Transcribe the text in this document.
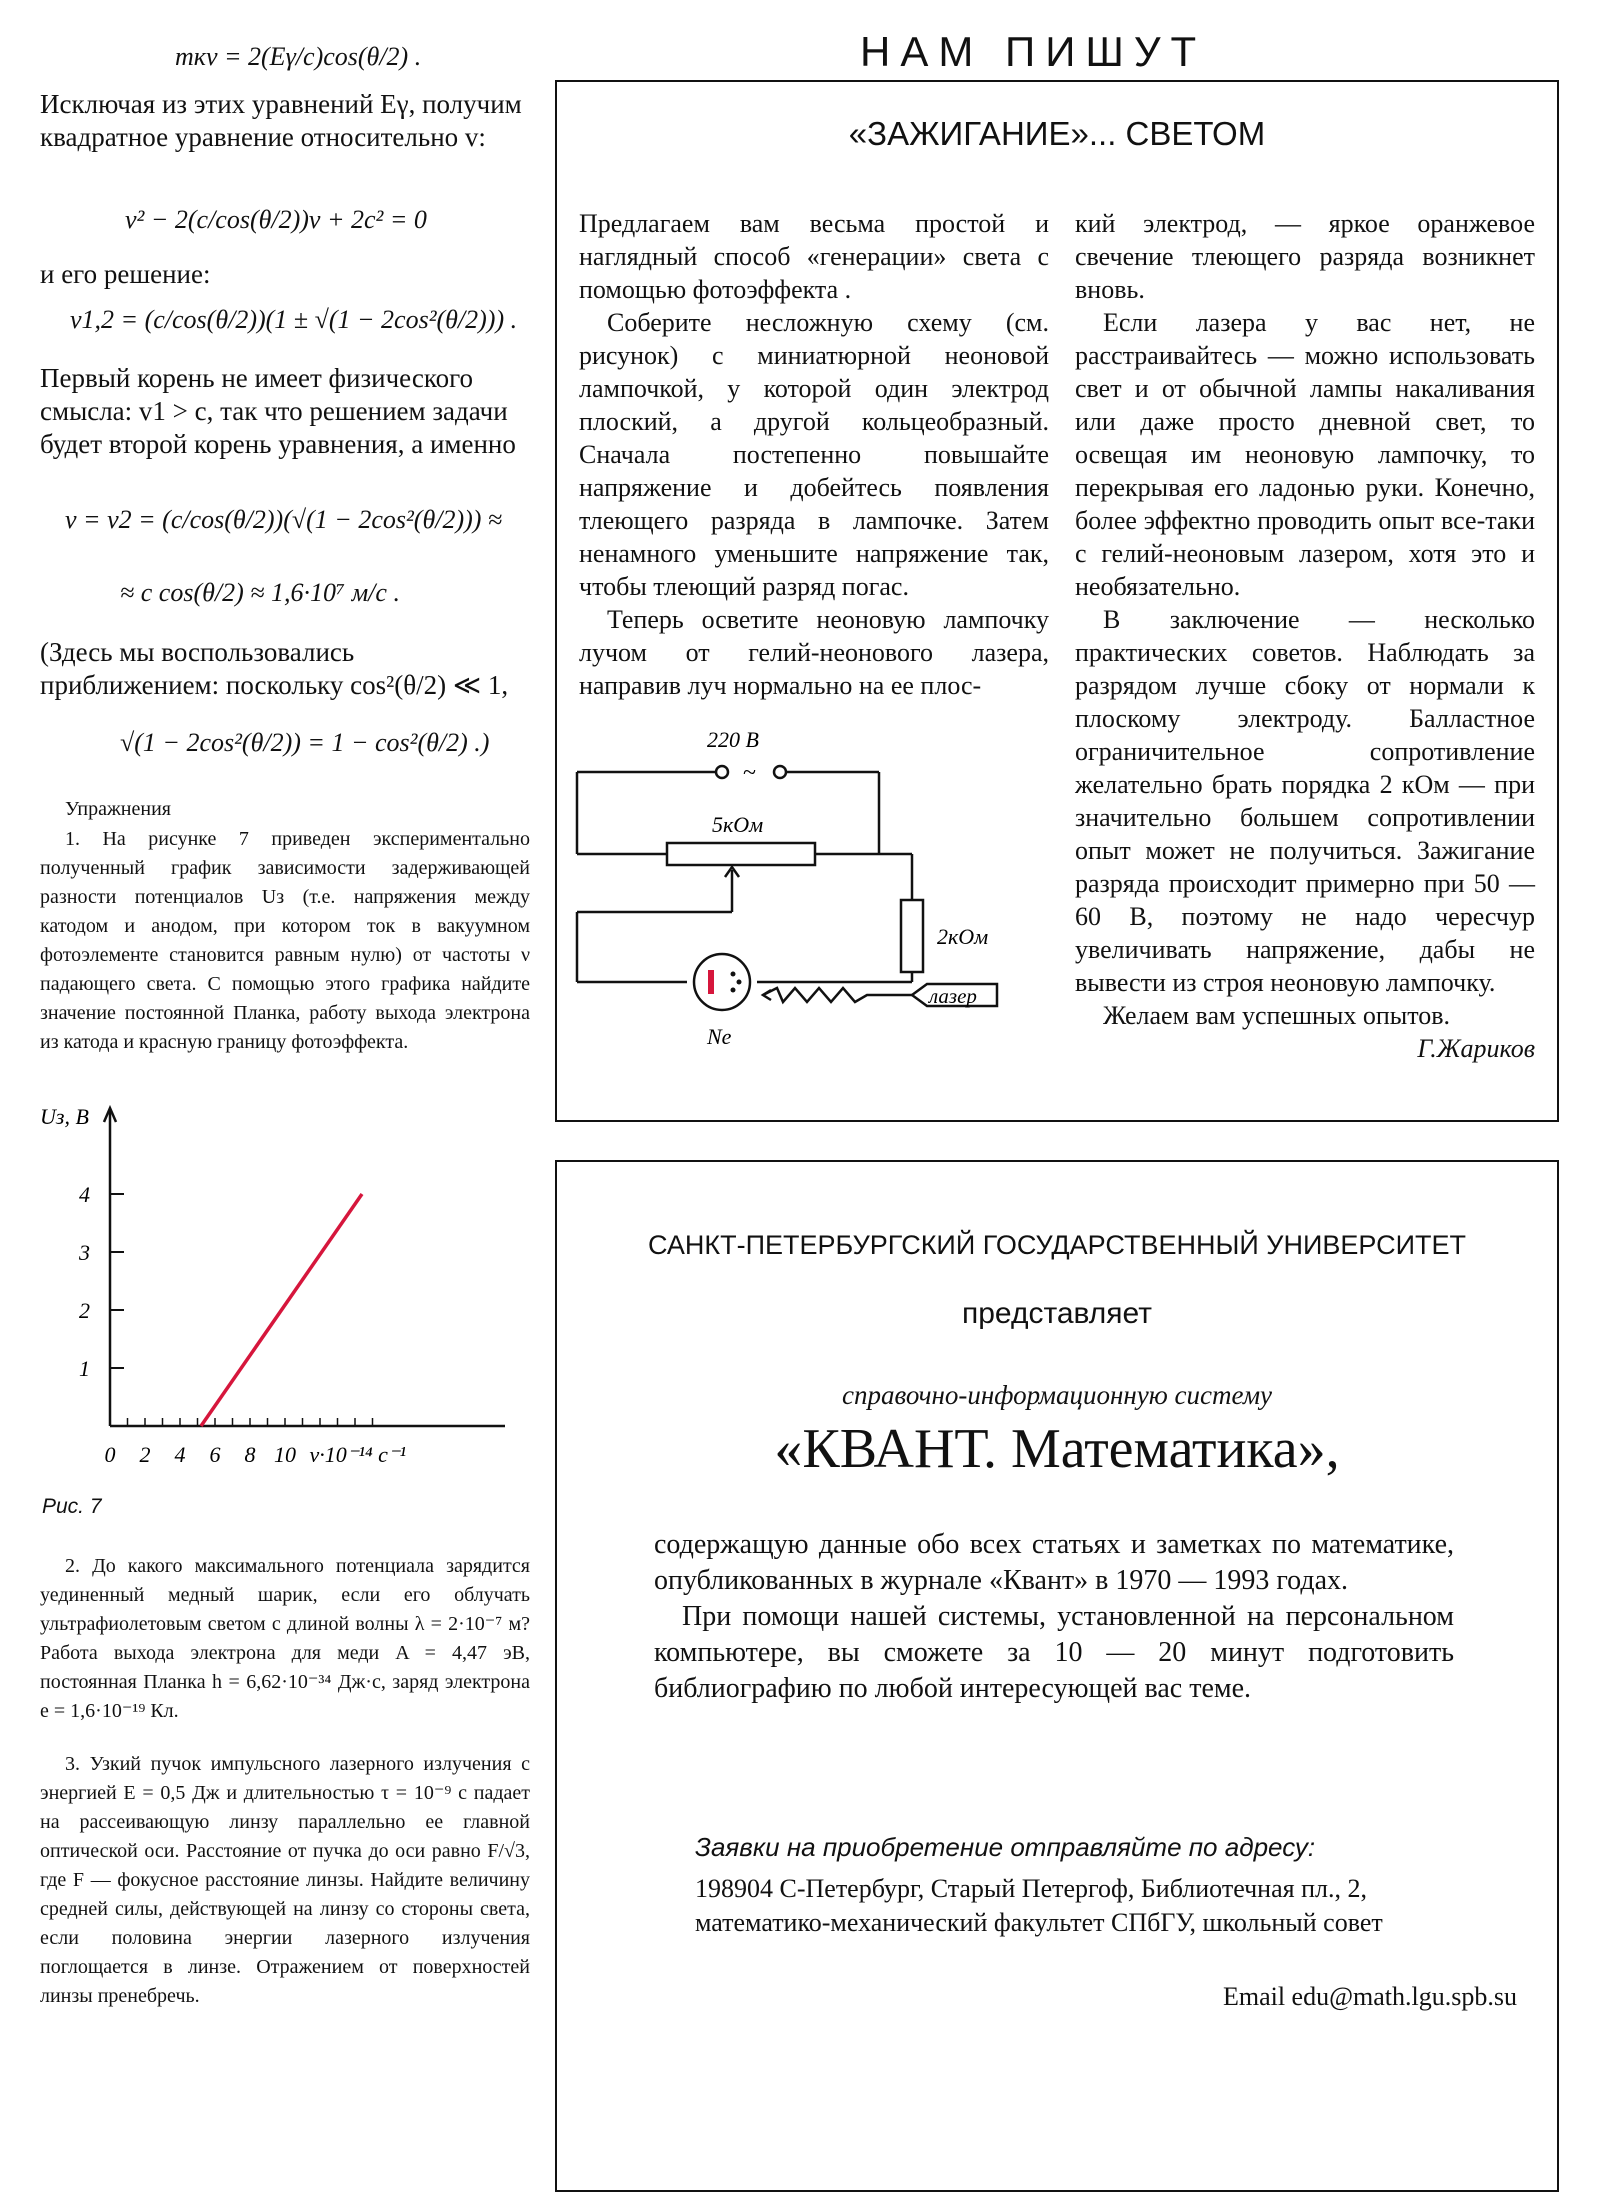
mкv = 2(Eγ/c)cos(θ/2) .
Исключая из этих уравнений Eγ, получим квадратное уравнение относительно v:
v² − 2(c/cos(θ/2))v + 2c² = 0
и его решение:
v1,2 = (c/cos(θ/2))(1 ± √(1 − 2cos²(θ/2))) .
Первый корень не имеет физического смысла: v1 > c, так что решением задачи будет второй корень уравнения, а именно
v = v2 = (c/cos(θ/2))(√(1 − 2cos²(θ/2))) ≈
≈ c cos(θ/2) ≈ 1,6·10⁷ м/с .
(Здесь мы воспользовались приближением: поскольку cos²(θ/2) ≪ 1,
√(1 − 2cos²(θ/2)) = 1 − cos²(θ/2) .)
Упражнения
1. На рисунке 7 приведен экспериментально полученный график зависимости задерживающей разности потенциалов Uз (т.е. напряжения между катодом и анодом, при котором ток в вакуумном фотоэлементе становится равным нулю) от частоты ν падающего света. С помощью этого графика найдите значение постоянной Планка, работу выхода электрона из катода и красную границу фотоэффекта.
1
2
3
4
0 2 4 6 8 10 ν·10⁻¹⁴ с⁻¹
Uз, В
Рис. 7
2. До какого максимального потенциала зарядится уединенный медный шарик, если его облучать ультрафиолетовым светом с длиной волны λ = 2·10⁻⁷ м? Работа выхода электрона для меди A = 4,47 эВ, постоянная Планка h = 6,62·10⁻³⁴ Дж·с, заряд электрона e = 1,6·10⁻¹⁹ Кл.
3. Узкий пучок импульсного лазерного излучения с энергией E = 0,5 Дж и длительностью τ = 10⁻⁹ с падает на рассеивающую линзу параллельно ее главной оптической оси. Расстояние от пучка до оси равно F/√3, где F — фокусное расстояние линзы. Найдите величину средней силы, действующей на линзу со стороны света, если половина энергии лазерного излучения поглощается в линзе. Отражением от поверхностей линзы пренебречь.
НАМ ПИШУТ
«ЗАЖИГАНИЕ»... СВЕТОМ

Предлагаем вам весьма простой и наглядный способ «генерации» света с помощью фотоэффекта .

Соберите несложную схему (см. рисунок) с миниатюрной неоновой лампочкой, у которой один электрод плоский, а другой кольцеобразный. Сначала постепенно повышайте напряжение и добейтесь появления тлеющего разряда в лампочке. Затем ненамного уменьшите напряжение так, чтобы тлеющий разряд погас.

Теперь осветите неоновую лампочку лучом от гелий-неонового лазера, направив луч нормально на ее плос-

220 В
~
5кОм
2кОм
Ne
лазер

кий электрод, — яркое оранжевое свечение тлеющего разряда возникнет вновь.

Если лазера у вас нет, не расстраивайтесь — можно использовать свет и от обычной лампы накаливания или даже просто дневной свет, то освещая им неоновую лампочку, то перекрывая его ладонью руки. Конечно, более эффектно проводить опыт все-таки с гелий-неоновым лазером, хотя это и необязательно.

В заключение — несколько практических советов. Наблюдать за разрядом лучше сбоку от нормали к плоскому электроду. Балластное ограничительное сопротивление желательно брать порядка 2 кОм — при значительно большем сопротивлении опыт может не получиться. Зажигание разряда происходит примерно при 50 — 60 В, поэтому не надо чересчур увеличивать напряжение, дабы не вывести из строя неоновую лампочку.

Желаем вам успешных опытов.

Г.Жариков
САНКТ-ПЕТЕРБУРГСКИЙ ГОСУДАРСТВЕННЫЙ УНИВЕРСИТЕТ
представляет
справочно-информационную систему
«КВАНТ. Математика»,

содержащую данные обо всех статьях и заметках по математике, опубликованных в журнале «Квант» в 1970 — 1993 годах.

При помощи нашей системы, установленной на персональном компьютере, вы сможете за 10 — 20 минут подготовить библиографию по любой интересующей вас теме.

Заявки на приобретение отправляйте по адресу:
198904 С-Петербург, Старый Петергоф, Библиотечная пл., 2, математико-механический факультет СПбГУ, школьный совет
Email edu@math.lgu.spb.su
